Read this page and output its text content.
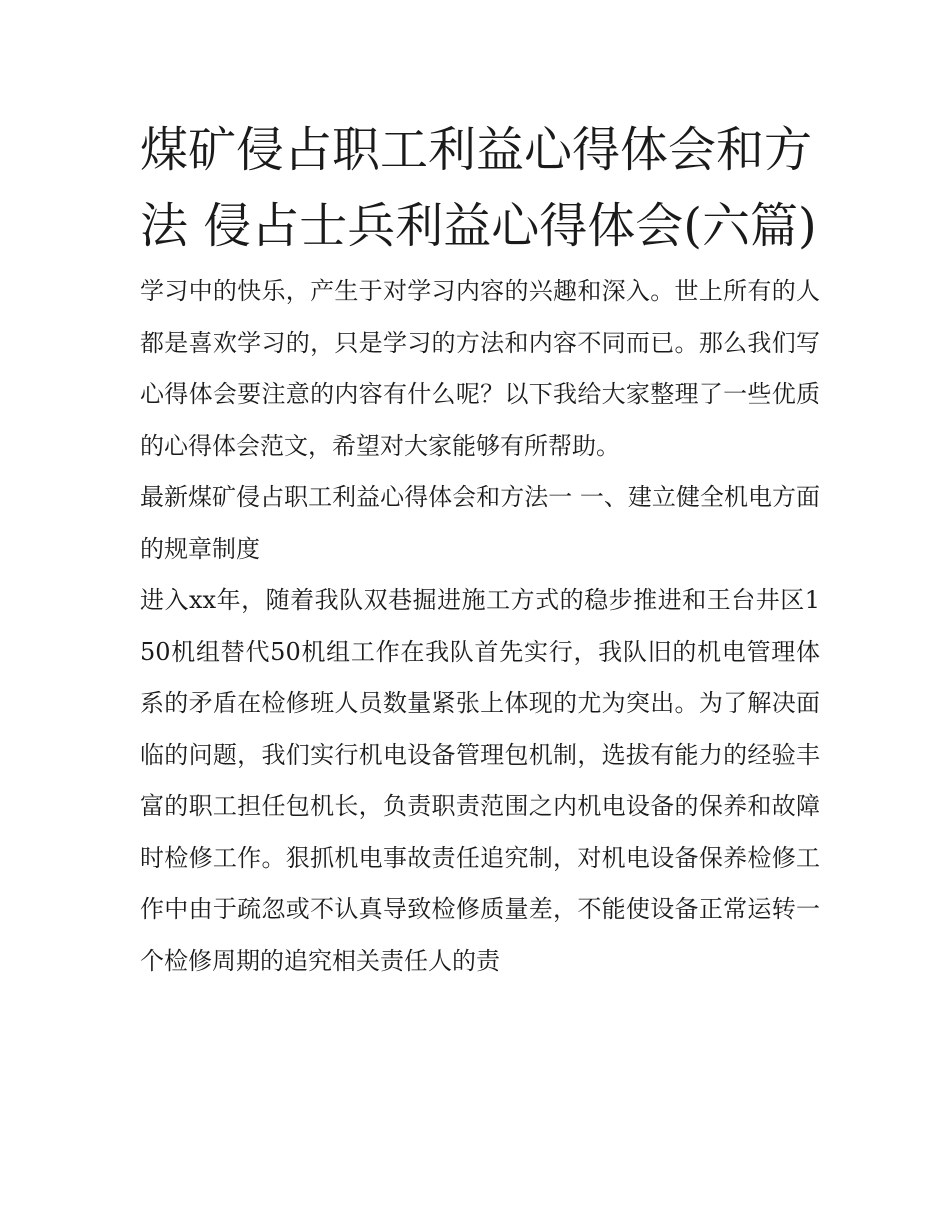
煤矿侵占职工利益心得体会和方法 侵占士兵利益心得体会(六篇)

学习中的快乐，产生于对学习内容的兴趣和深入。世上所有的人都是喜欢学习的，只是学习的方法和内容不同而已。那么我们写心得体会要注意的内容有什么呢？以下我给大家整理了一些优质的心得体会范文，希望对大家能够有所帮助。

最新煤矿侵占职工利益心得体会和方法一 一、建立健全机电方面的规章制度

进入xx年，随着我队双巷掘进施工方式的稳步推进和王台井区150机组替代50机组工作在我队首先实行，我队旧的机电管理体系的矛盾在检修班人员数量紧张上体现的尤为突出。为了解决面临的问题，我们实行机电设备管理包机制，选拔有能力的经验丰富的职工担任包机长，负责职责范围之内机电设备的保养和故障时检修工作。狠抓机电事故责任追究制，对机电设备保养检修工作中由于疏忽或不认真导致检修质量差，不能使设备正常运转一个检修周期的追究相关责任人的责
